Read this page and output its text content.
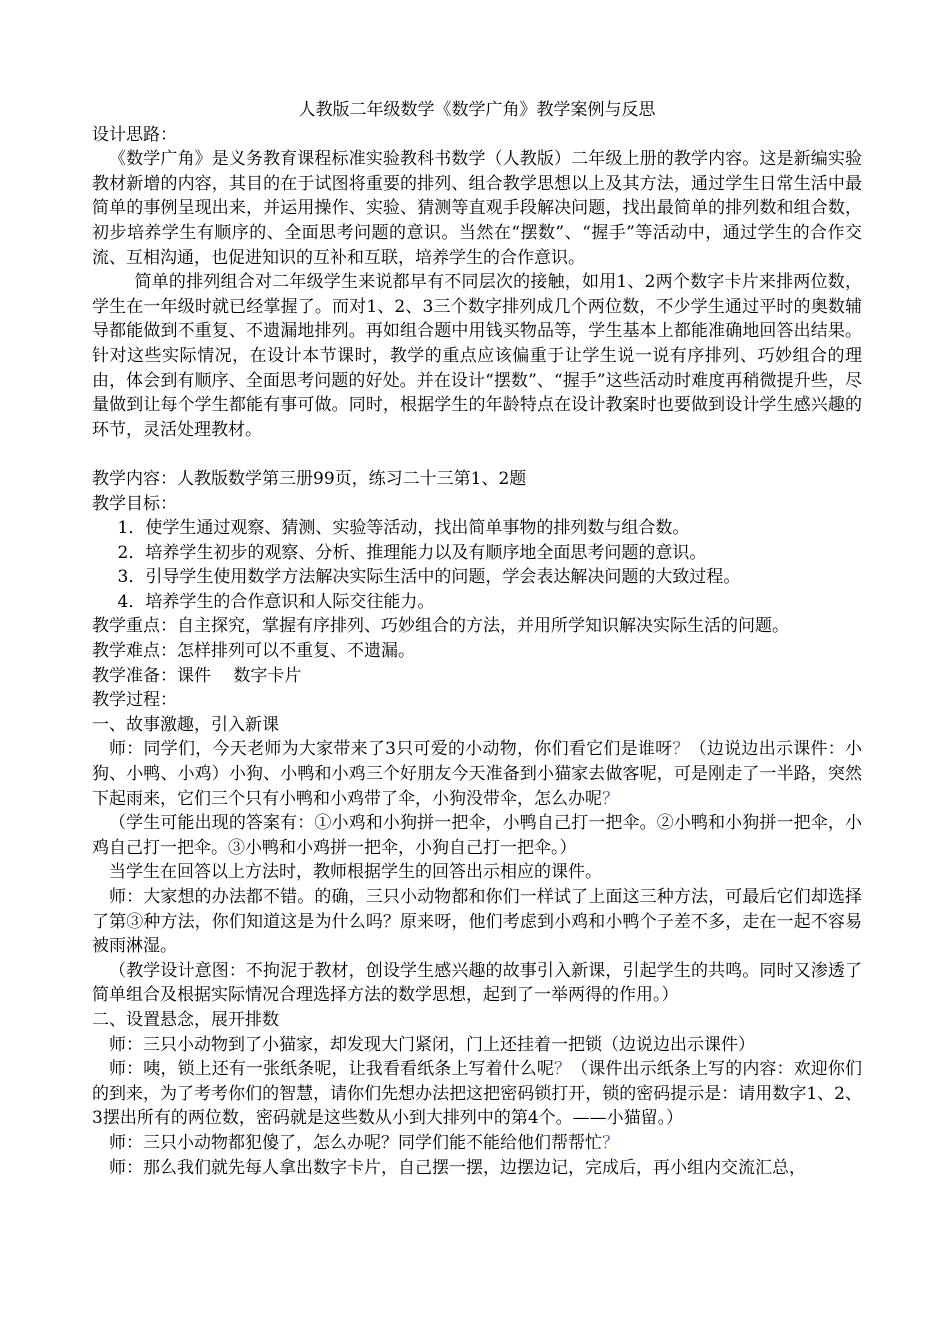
人教版二年级数学《数学广角》教学案例与反思

设计思路：

《数学广角》是义务教育课程标准实验教科书数学（人教版）二年级上册的教学内容。这是新编实验教材新增的内容，其目的在于试图将重要的排列、组合教学思想以上及其方法，通过学生日常生活中最简单的事例呈现出来，并运用操作、实验、猜测等直观手段解决问题，找出最简单的排列数和组合数，初步培养学生有顺序的、全面思考问题的意识。当然在“摆数”、“握手”等活动中，通过学生的合作交流、互相沟通，也促进知识的互补和互联，培养学生的合作意识。

简单的排列组合对二年级学生来说都早有不同层次的接触，如用1、2两个数字卡片来排两位数，学生在一年级时就已经掌握了。而对1、2、3三个数字排列成几个两位数，不少学生通过平时的奥数辅导都能做到不重复、不遗漏地排列。再如组合题中用钱买物品等，学生基本上都能准确地回答出结果。针对这些实际情况，在设计本节课时，教学的重点应该偏重于让学生说一说有序排列、巧妙组合的理由，体会到有顺序、全面思考问题的好处。并在设计“摆数”、“握手”这些活动时难度再稍微提升些，尽量做到让每个学生都能有事可做。同时，根据学生的年龄特点在设计教案时也要做到设计学生感兴趣的环节，灵活处理教材。

教学内容：人教版数学第三册99页，练习二十三第1、2题

教学目标：

1．使学生通过观察、猜测、实验等活动，找出简单事物的排列数与组合数。

2．培养学生初步的观察、分析、推理能力以及有顺序地全面思考问题的意识。

3．引导学生使用数学方法解决实际生活中的问题，学会表达解决问题的大致过程。

4．培养学生的合作意识和人际交往能力。

教学重点：自主探究，掌握有序排列、巧妙组合的方法，并用所学知识解决实际生活的问题。

教学难点：怎样排列可以不重复、不遗漏。

教学准备：课件　 数字卡片

教学过程：

一、故事激趣，引入新课

师：同学们，今天老师为大家带来了3只可爱的小动物，你们看它们是谁呀？（边说边出示课件：小狗、小鸭、小鸡）小狗、小鸭和小鸡三个好朋友今天准备到小猫家去做客呢，可是刚走了一半路，突然下起雨来，它们三个只有小鸭和小鸡带了伞，小狗没带伞，怎么办呢？

（学生可能出现的答案有：①小鸡和小狗拼一把伞，小鸭自己打一把伞。②小鸭和小狗拼一把伞，小鸡自己打一把伞。③小鸭和小鸡拼一把伞，小狗自己打一把伞。）

当学生在回答以上方法时，教师根据学生的回答出示相应的课件。

师：大家想的办法都不错。的确，三只小动物都和你们一样试了上面这三种方法，可最后它们却选择了第③种方法，你们知道这是为什么吗？原来呀，他们考虑到小鸡和小鸭个子差不多，走在一起不容易被雨淋湿。

（教学设计意图：不拘泥于教材，创设学生感兴趣的故事引入新课，引起学生的共鸣。同时又渗透了简单组合及根据实际情况合理选择方法的数学思想，起到了一举两得的作用。）

二、设置悬念，展开排数

师：三只小动物到了小猫家，却发现大门紧闭，门上还挂着一把锁（边说边出示课件）

师：咦，锁上还有一张纸条呢，让我看看纸条上写着什么呢？（课件出示纸条上写的内容：欢迎你们的到来，为了考考你们的智慧，请你们先想办法把这把密码锁打开，锁的密码提示是：请用数字1、2、3摆出所有的两位数，密码就是这些数从小到大排列中的第4个。——小猫留。）

师：三只小动物都犯傻了，怎么办呢？同学们能不能给他们帮帮忙？

师：那么我们就先每人拿出数字卡片，自己摆一摆，边摆边记，完成后，再小组内交流汇总，
